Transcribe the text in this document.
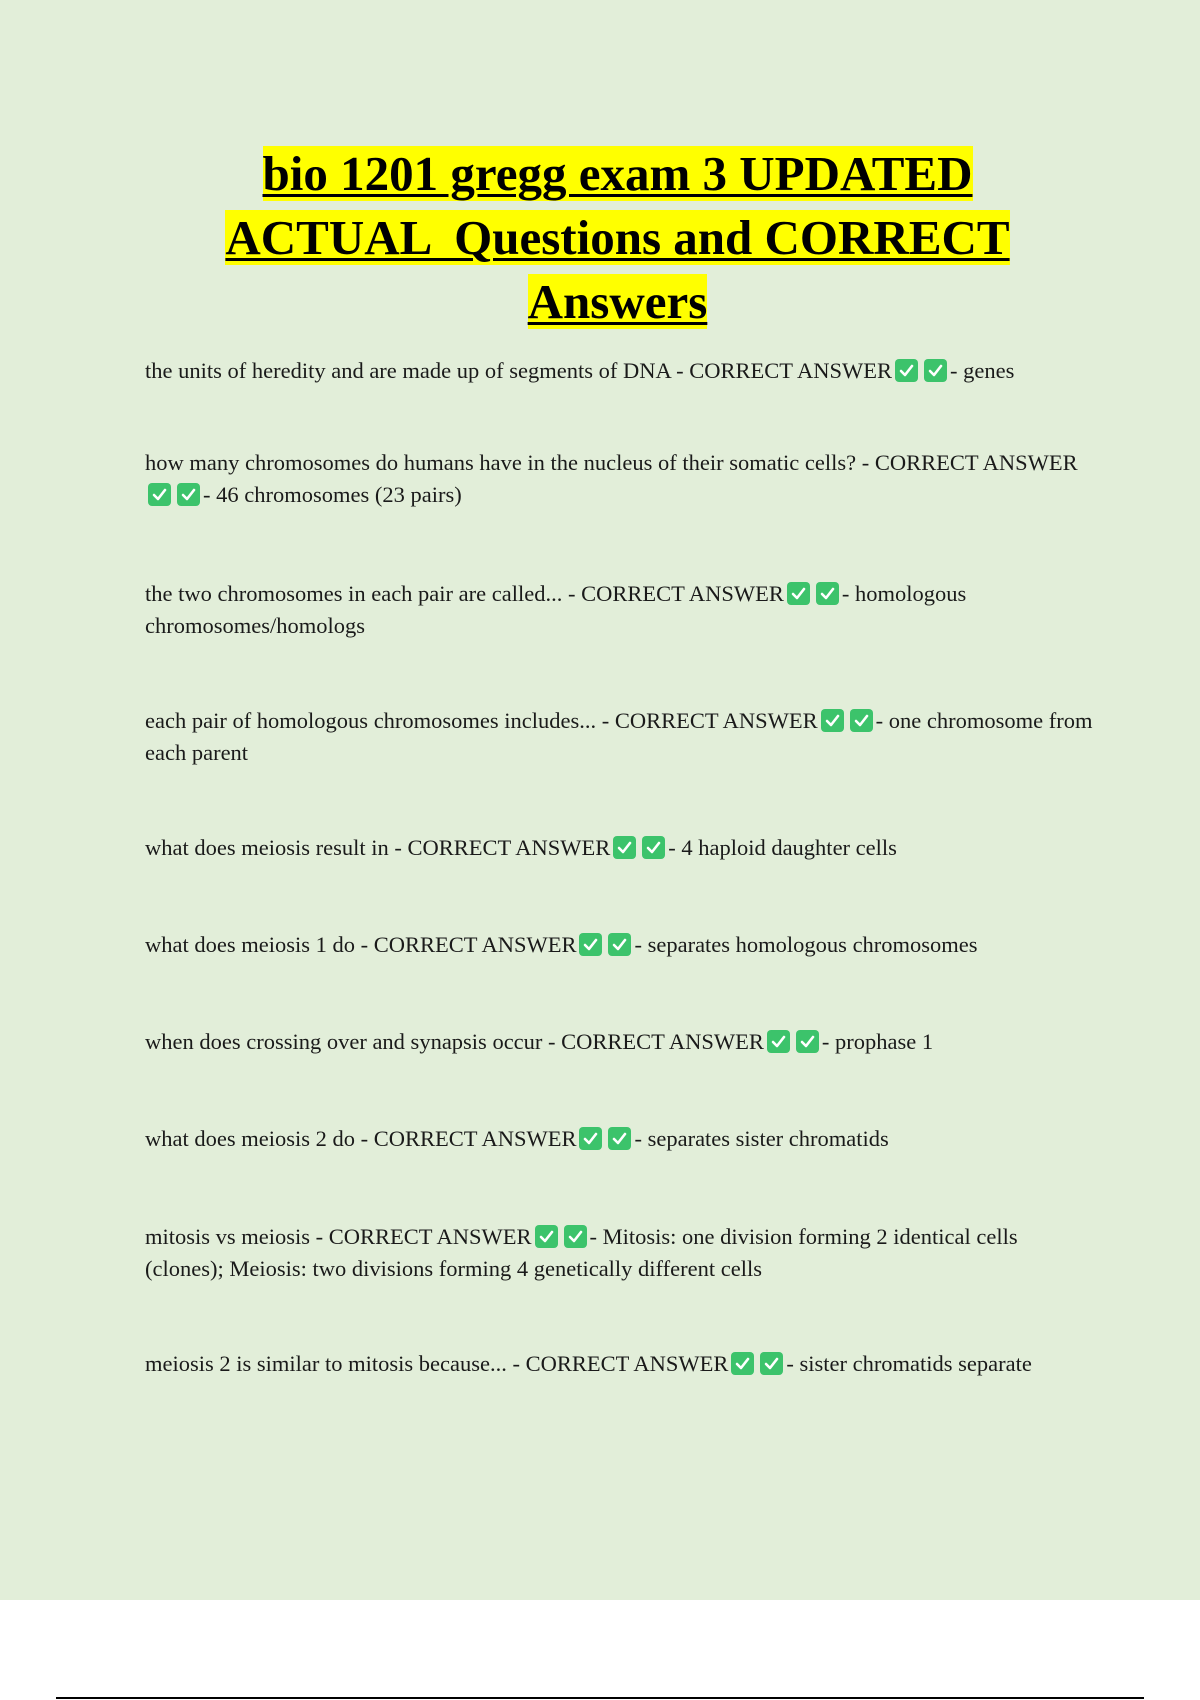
bio 1201 gregg exam 3 UPDATED
ACTUAL  Questions and CORRECT
Answers
the units of heredity and are made up of segments of DNA - CORRECT ANSWER	- genes
how many chromosomes do humans have in the nucleus of their somatic cells? - CORRECT ANSWER
- 46 chromosomes (23 pairs)
the two chromosomes in each pair are called... - CORRECT ANSWER	- homologous chromosomes/homologs
each pair of homologous chromosomes includes... - CORRECT ANSWER	- one chromosome from each parent
what does meiosis result in - CORRECT ANSWER	- 4 haploid daughter cells
what does meiosis 1 do - CORRECT ANSWER	- separates homologous chromosomes
when does crossing over and synapsis occur - CORRECT ANSWER	- prophase 1
what does meiosis 2 do - CORRECT ANSWER	- separates sister chromatids
mitosis vs meiosis - CORRECT ANSWER	- Mitosis: one division forming 2 identical cells (clones); Meiosis: two divisions forming 4 genetically different cells
meiosis 2 is similar to mitosis because... - CORRECT ANSWER	- sister chromatids separate
